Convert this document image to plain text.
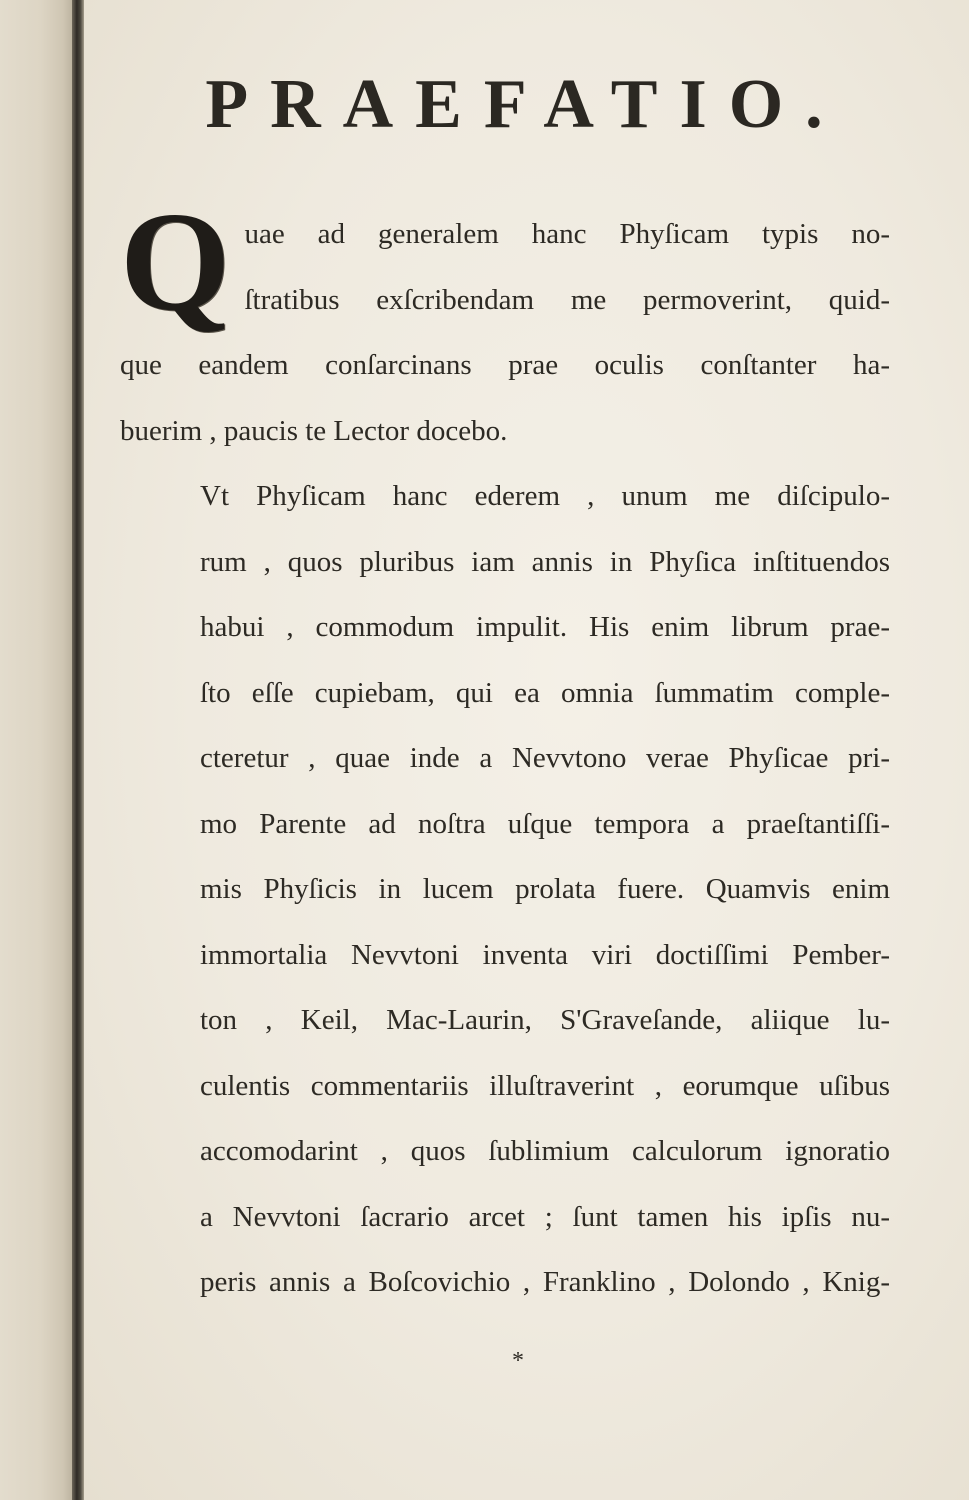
PRAEFATIO.
Q uae ad generalem hanc Phyſicam typis no-
ſtratibus exſcribendam me permoverint, quid-
que eandem conſarcinans prae oculis conſtanter ha-
buerim , paucis te Lector docebo.
Vt Phyſicam hanc ederem , unum me diſcipulo-
rum , quos pluribus iam annis in Phyſica inſtituendos
habui , commodum impulit. His enim librum prae-
ſto eſſe cupiebam, qui ea omnia ſummatim comple-
cteretur , quae inde a Nevvtono verae Phyſicae pri-
mo Parente ad noſtra uſque tempora a praeſtantiſſi-
mis Phyſicis in lucem prolata fuere. Quamvis enim
immortalia Nevvtoni inventa viri doctiſſimi Pember-
ton , Keil, Mac-Laurin, S'Graveſande, aliique lu-
culentis commentariis illuſtraverint , eorumque uſibus
accomodarint , quos ſublimium calculorum ignoratio
a Nevvtoni ſacrario arcet ; ſunt tamen his ipſis nu-
peris annis a Boſcovichio , Franklino , Dolondo , Knig-
*
